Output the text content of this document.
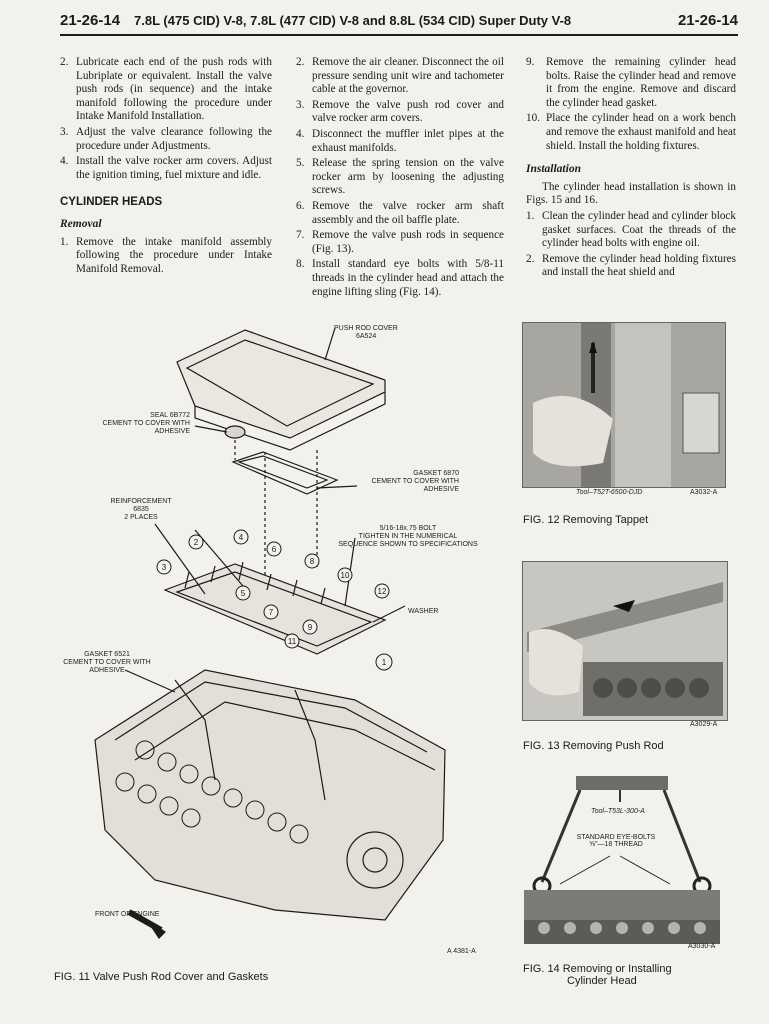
21-26-14 7.8L (475 CID) V-8, 7.8L (477 CID) V-8 and 8.8L (534 CID) Super Duty V-8	21-26-14
2. Lubricate each end of the push rods with Lubriplate or equivalent. Install the valve push rods (in sequence) and the intake manifold following the procedure under Intake Manifold Installation.
3. Adjust the valve clearance following the procedure under Adjustments.
4. Install the valve rocker arm covers. Adjust the ignition timing, fuel mixture and idle.
CYLINDER HEADS
Removal
1. Remove the intake manifold assembly following the procedure under Intake Manifold Removal.
2. Remove the air cleaner. Disconnect the oil pressure sending unit wire and tachometer cable at the governor.
3. Remove the valve push rod cover and valve rocker arm covers.
4. Disconnect the muffler inlet pipes at the exhaust manifolds.
5. Release the spring tension on the valve rocker arm by loosening the adjusting screws.
6. Remove the valve rocker arm shaft assembly and the oil baffle plate.
7. Remove the valve push rods in sequence (Fig. 13).
8. Install standard eye bolts with 5/8-11 threads in the cylinder head and attach the engine lifting sling (Fig. 14).
9.	Remove the remaining cylinder head bolts. Raise the cylinder head and remove it from the engine. Remove and discard the cylinder head gasket.
10. Place the cylinder head on a work bench and remove the exhaust manifold and heat shield. Install the holding fixtures.
Installation

The cylinder head installation is shown in Figs. 15 and 16.

1. Clean the cylinder head and cylinder block gasket surfaces. Coat the threads of the cylinder head bolts with engine oil.
2. Remove the cylinder head holding fixtures and install the heat shield and
1
2
3
4
5
6
7
8
9
10
11
12
PUSH ROD COVER
6A524
SEAL 6B772
CEMENT TO COVER WITH
ADHESIVE
GASKET 6870
CEMENT TO COVER WITH
ADHESIVE
REINFORCEMENT
6835
2 PLACES
5/16-18x.75 BOLT
TIGHTEN IN THE NUMERICAL
SEQUENCE SHOWN TO SPECIFICATIONS
WASHER
GASKET 6521
CEMENT TO COVER WITH
ADHESIVE
FRONT OF ENGINE
A 4381-A
FIG. 11 Valve Push Rod Cover and Gaskets
Tool–T52T-6500-DJD	A3032-A
FIG. 12 Removing Tappet
A3029-A
FIG. 13 Removing Push Rod
Tool–T53L-300-A
STANDARD EYE-BOLTS
⅝"—18 THREAD
A3030-A
FIG. 14 Removing or Installing
Cylinder Head
